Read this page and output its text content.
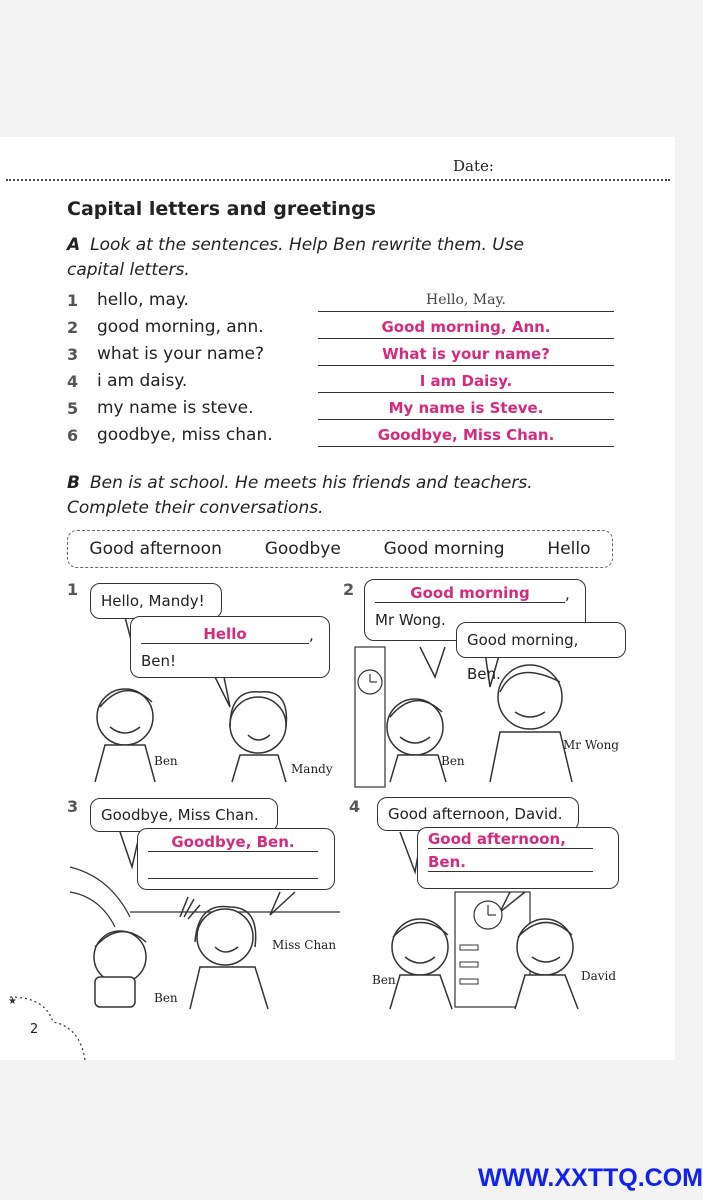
Date:
Capital letters and greetings
A Look at the sentences. Help Ben rewrite them. Use capital letters.
1 hello, may.	Hello, May.
2 good morning, ann.	Good morning, Ann.
3 what is your name?	What is your name?
4 i am daisy.	I am Daisy.
5 my name is steve.	My name is Steve.
6 goodbye, miss chan.	Goodbye, Miss Chan.
B Ben is at school. He meets his friends and teachers. Complete their conversations.
Good afternoon	Goodbye	Good morning	Hello
1
Hello, Mandy!
Hello	,
Ben!
Ben
Mandy
2	Good morning	,
Mr Wong.
Good morning, Ben.
Ben
Mr Wong
3	Goodbye, Miss Chan.
Goodbye, Ben.
Miss Chan
Ben
4	Good afternoon, David.
Good afternoon,
Ben.
Ben	David
★
2
WWW.XXTTQ.COM
